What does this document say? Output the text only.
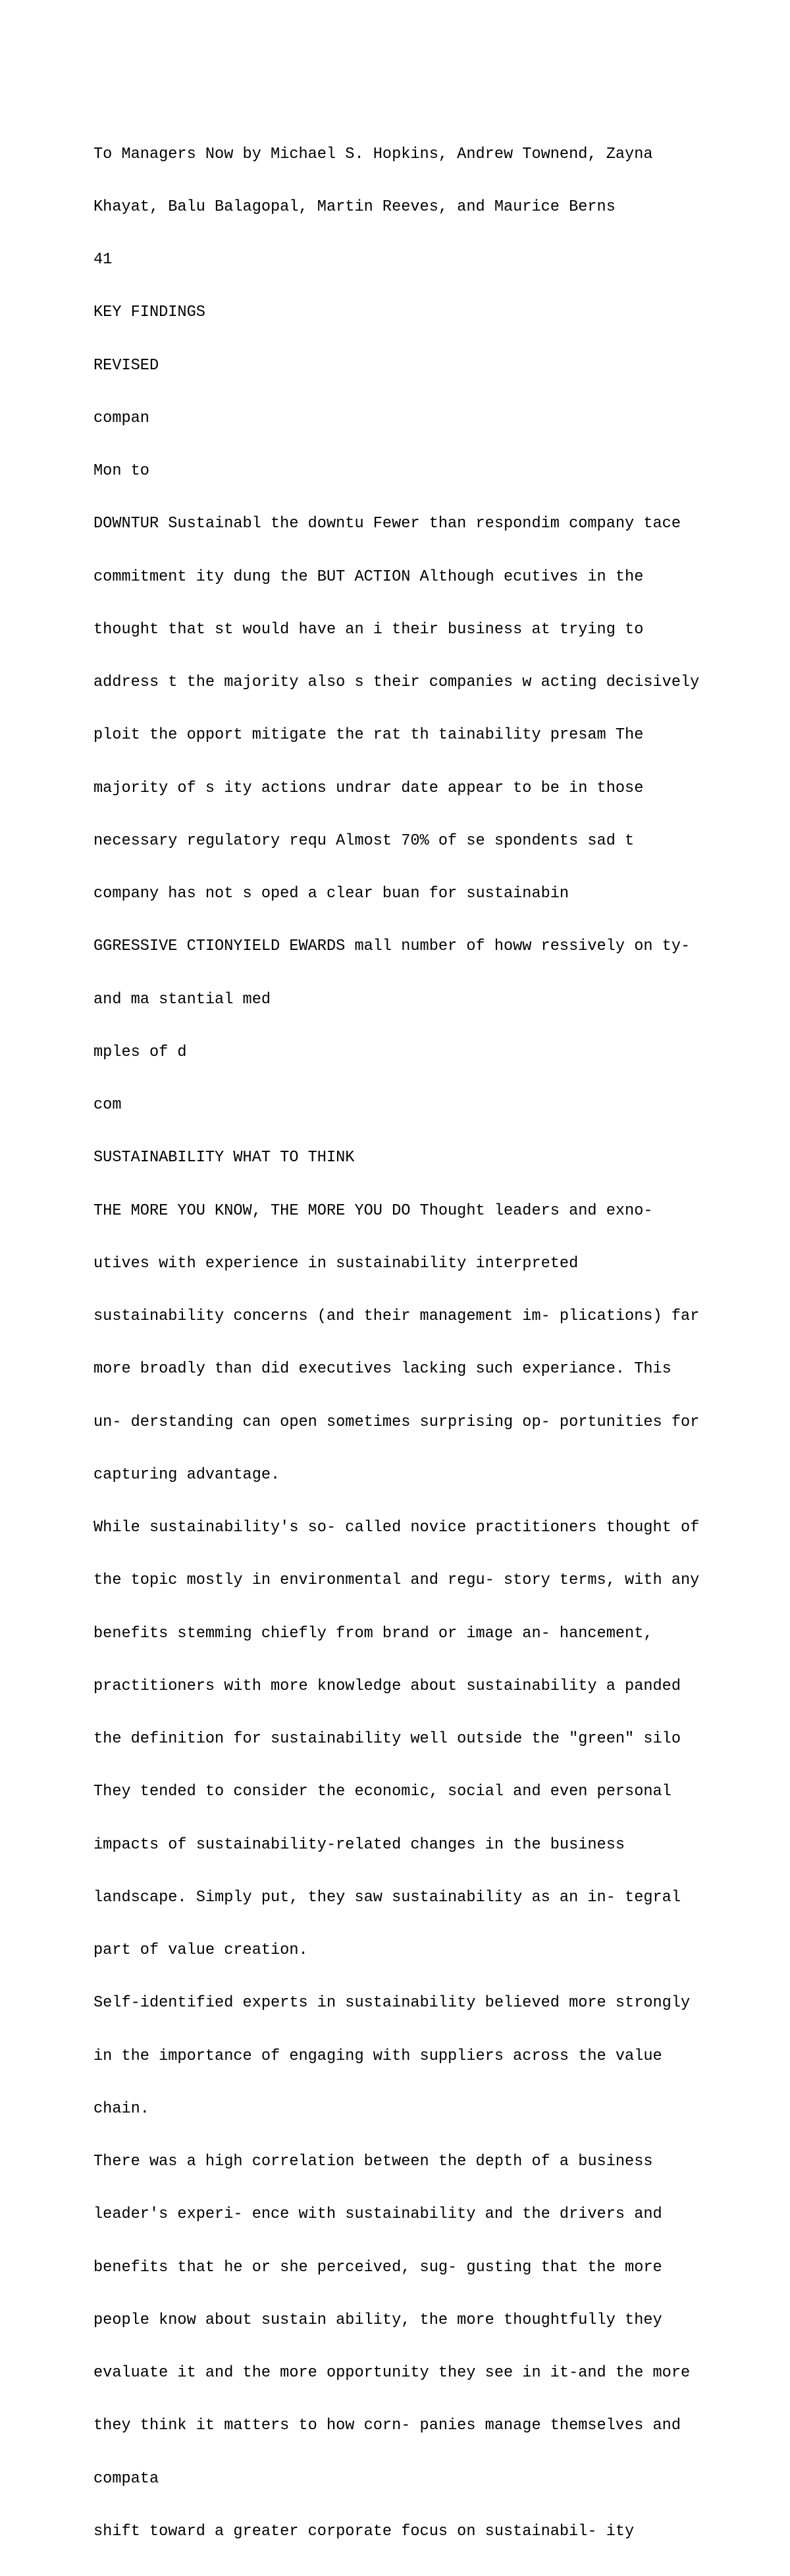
To Managers Now by Michael S. Hopkins, Andrew Townend, Zayna

Khayat, Balu Balagopal, Martin Reeves, and Maurice Berns

41

KEY FINDINGS

REVISED

compan

Mon to

DOWNTUR Sustainabl the downtu Fewer than respondim company tace

commitment ity dung the BUT ACTION Although ecutives in the

thought that st would have an i their business at trying to

address t the majority also s their companies w acting decisively

ploit the opport mitigate the rat th tainability presam The

majority of s ity actions undrar date appear to be in those

necessary regulatory requ Almost 70% of se spondents sad t

company has not s oped a clear buan for sustainabin

GGRESSIVE CTIONYIELD EWARDS mall number of howw ressively on ty-

and ma stantial med

mples of d

com

SUSTAINABILITY WHAT TO THINK

THE MORE YOU KNOW, THE MORE YOU DO Thought leaders and exno-

utives with experience in sustainability interpreted

sustainability concerns (and their management im- plications) far

more broadly than did executives lacking such experiance. This

un- derstanding can open sometimes surprising op- portunities for

capturing advantage.

While sustainability's so- called novice practitioners thought of

the topic mostly in environmental and regu- story terms, with any

benefits stemming chiefly from brand or image an- hancement,

practitioners with more knowledge about sustainability a panded

the definition for sustainability well outside the "green" silo

They tended to consider the economic, social and even personal

impacts of sustainability-related changes in the business

landscape. Simply put, they saw sustainability as an in- tegral

part of value creation.

Self-identified experts in sustainability believed more strongly

in the importance of engaging with suppliers across the value

chain.

There was a high correlation between the depth of a business

leader's experi- ence with sustainability and the drivers and

benefits that he or she perceived, sug- gusting that the more

people know about sustain ability, the more thoughtfully they

evaluate it and the more opportunity they see in it-and the more

they think it matters to how corn- panies manage themselves and

compata

shift toward a greater corporate focus on sustainabil- ity
